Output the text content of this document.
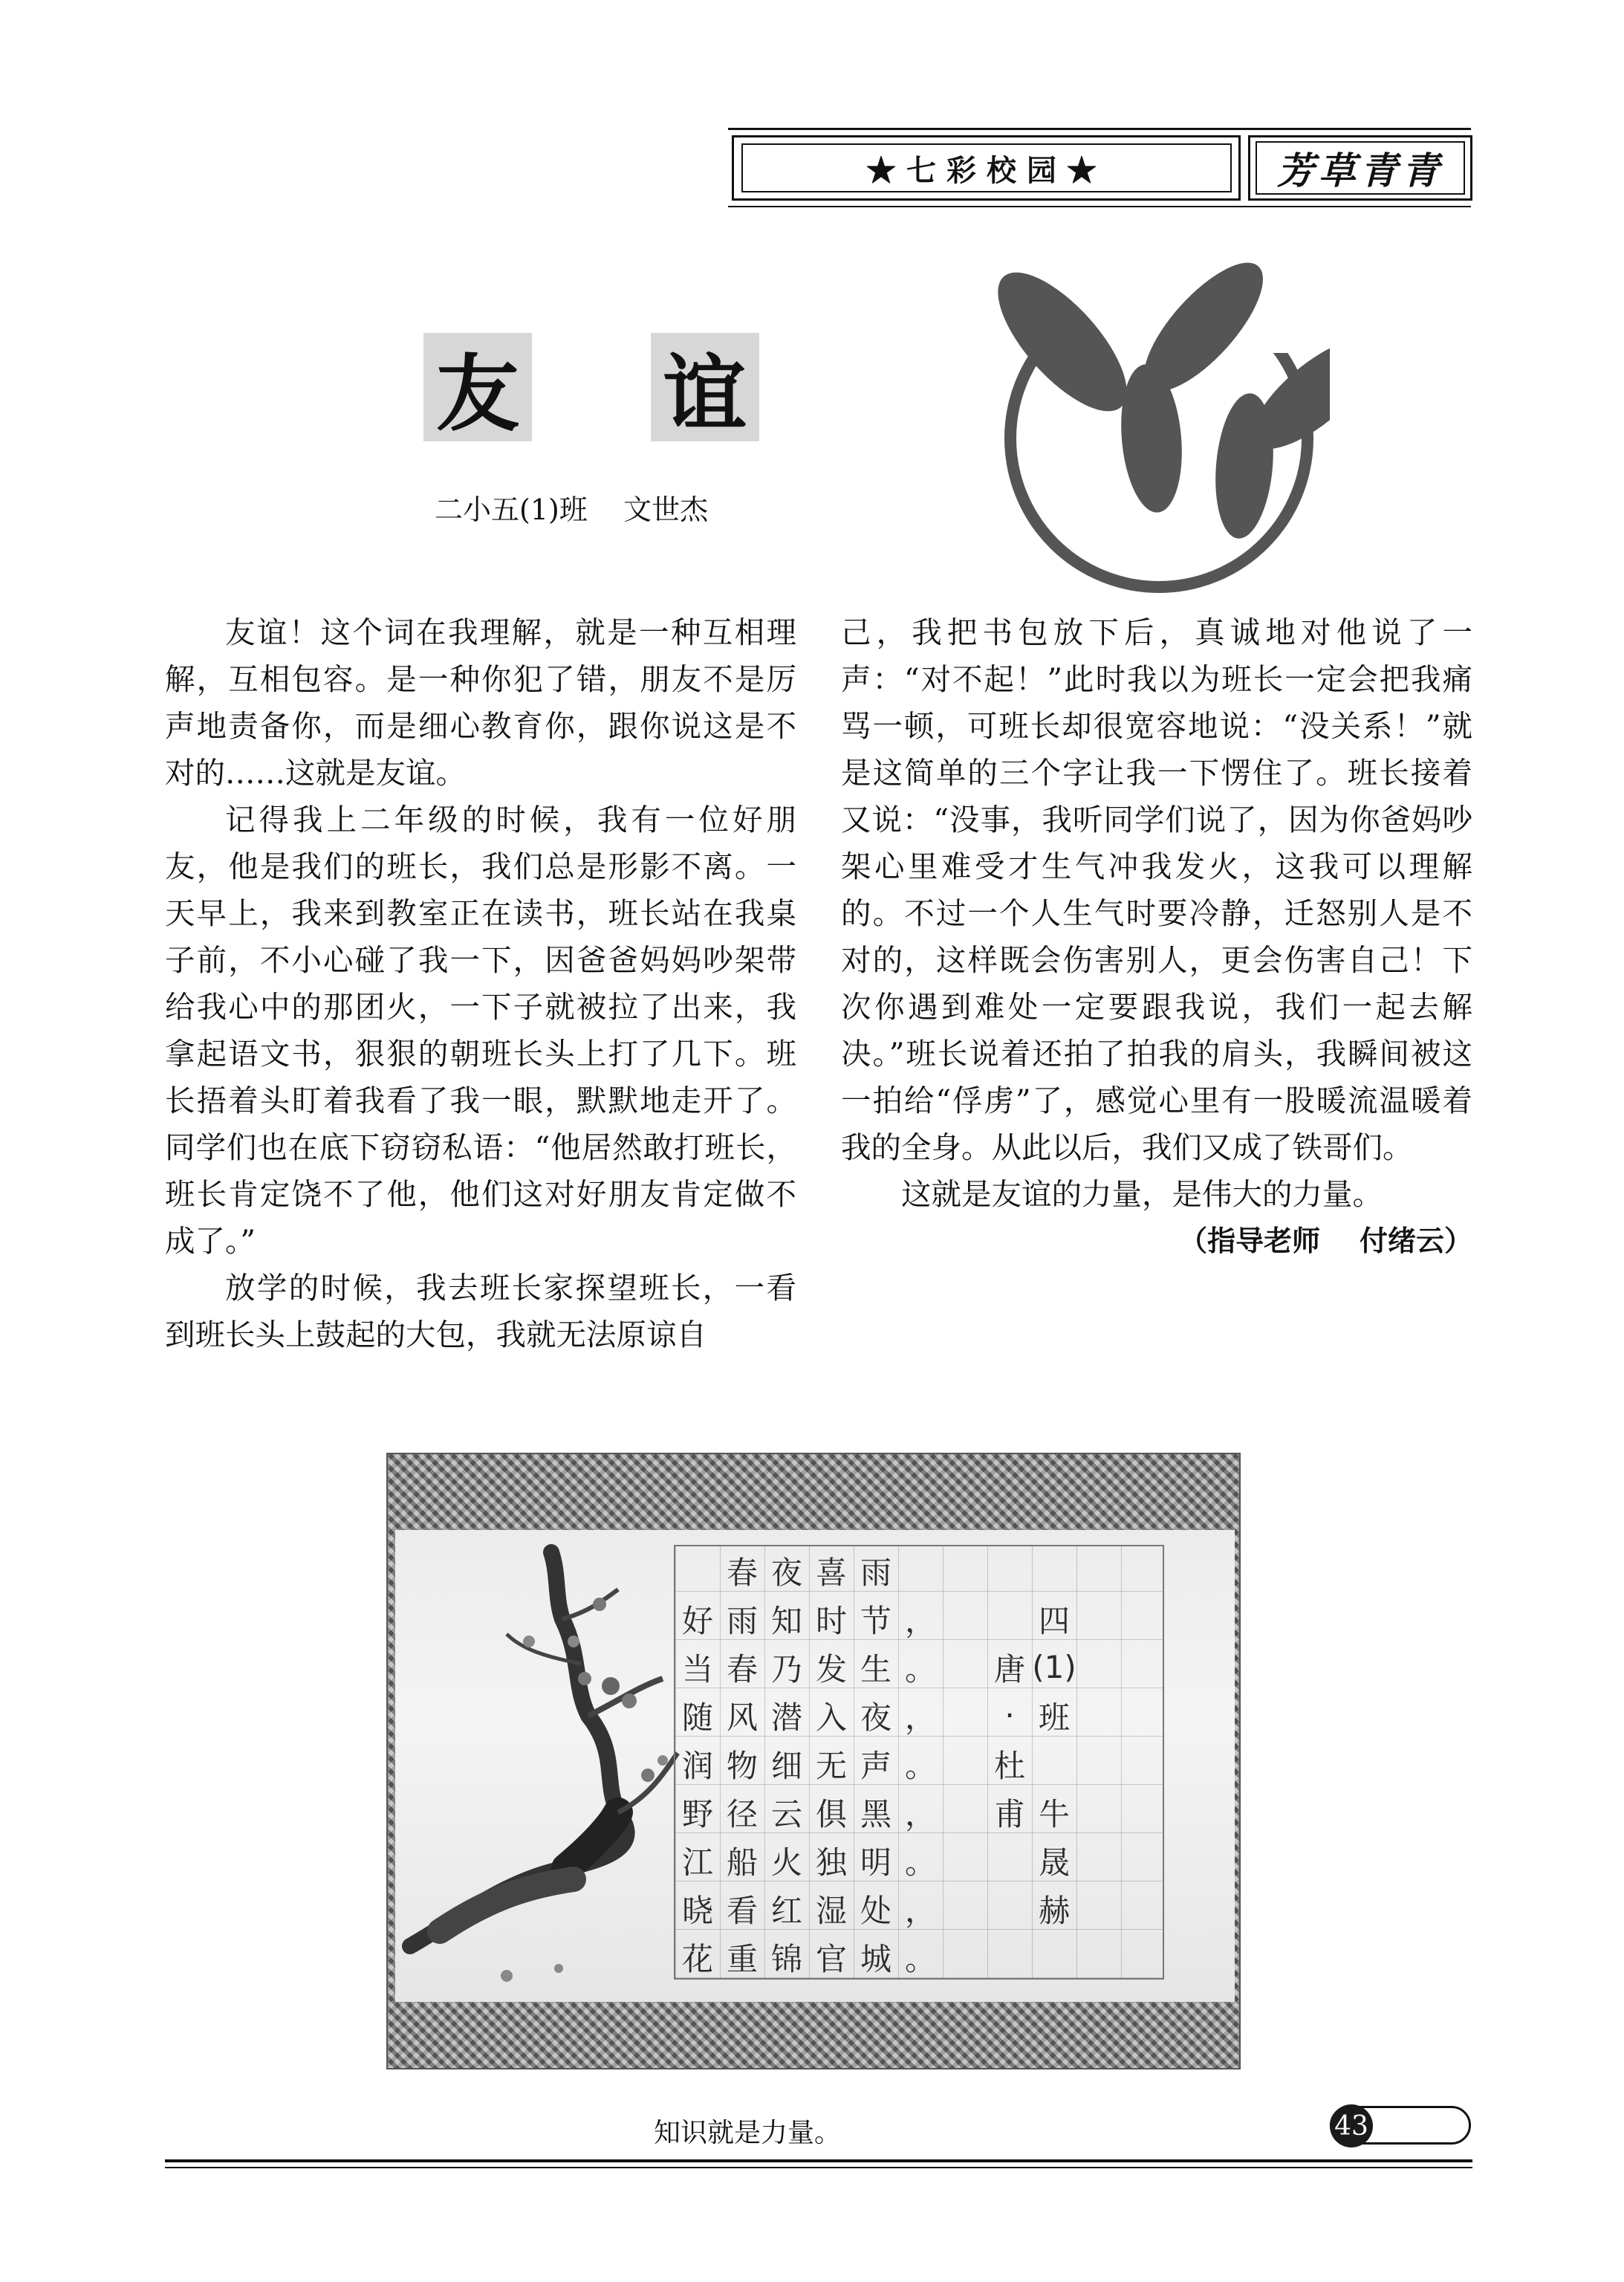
★七彩校园★	芳草青青
友 谊
二小五(1)班    文世杰

友谊！这个词在我理解，就是一种互相理解，互相包容。是一种你犯了错，朋友不是厉声地责备你，而是细心教育你，跟你说这是不对的……这就是友谊。

记得我上二年级的时候，我有一位好朋友，他是我们的班长，我们总是形影不离。一天早上，我来到教室正在读书，班长站在我桌子前，不小心碰了我一下，因爸爸妈妈吵架带给我心中的那团火，一下子就被拉了出来，我拿起语文书，狠狠的朝班长头上打了几下。班长捂着头盯着我看了我一眼，默默地走开了。同学们也在底下窃窃私语：“他居然敢打班长，班长肯定饶不了他，他们这对好朋友肯定做不成了。”

放学的时候，我去班长家探望班长，一看到班长头上鼓起的大包，我就无法原谅自

己，我把书包放下后，真诚地对他说了一声：“对不起！”此时我以为班长一定会把我痛骂一顿，可班长却很宽容地说：“没关系！”就是这简单的三个字让我一下愣住了。班长接着又说：“没事，我听同学们说了，因为你爸妈吵架心里难受才生气冲我发火，这我可以理解的。不过一个人生气时要冷静，迁怒别人是不对的，这样既会伤害别人，更会伤害自己！下次你遇到难处一定要跟我说，我们一起去解决。”班长说着还拍了拍我的肩头，我瞬间被这一拍给“俘虏”了，感觉心里有一股暖流温暖着我的全身。从此以后，我们又成了铁哥们。

这就是友谊的力量，是伟大的力量。

（指导老师    付绪云）

春 夜 喜 雨
好 雨 知 时 节 ，	四
当 春 乃 发 生 。 唐 (1)
随 风 潜 入 夜 ，	· 班
润 物 细 无 声 。 杜
野 径 云 俱 黑 ， 甫 牛
江 船 火 独 明 。	晟
晓 看 红 湿 处 ，	赫
花 重 锦 官 城 。
知识就是力量。	43
